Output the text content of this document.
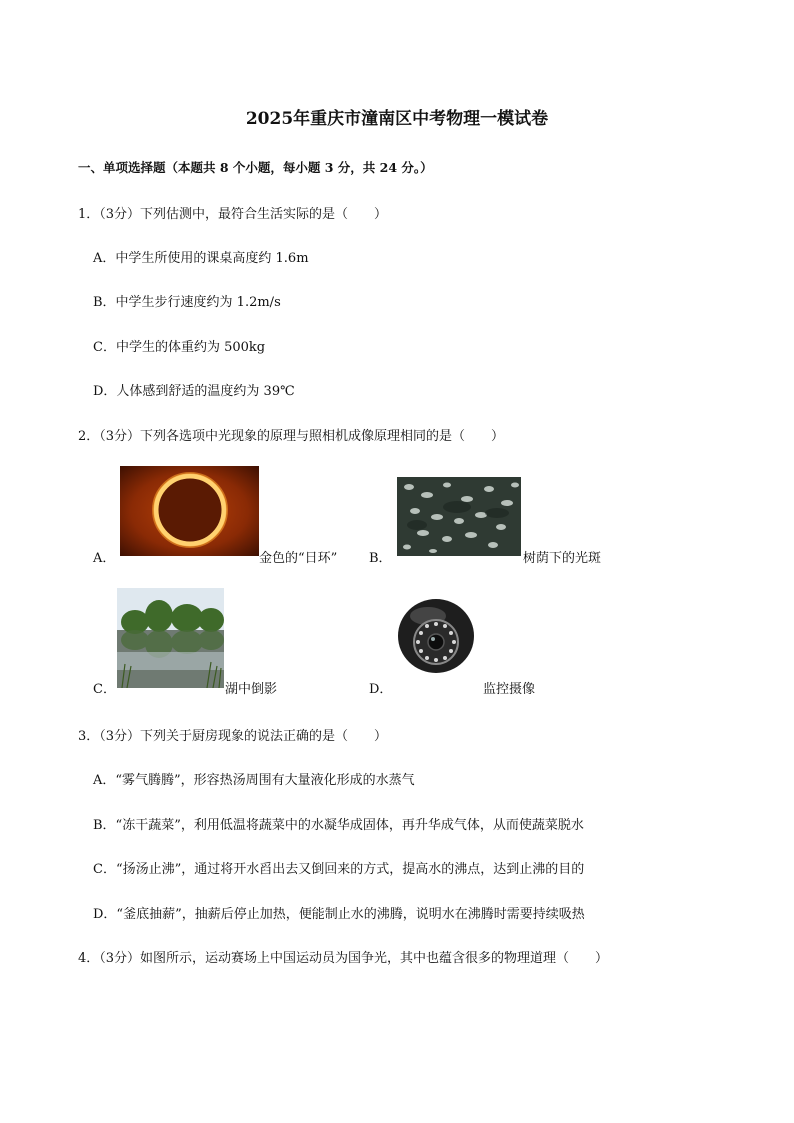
2025年重庆市潼南区中考物理一模试卷
一、单项选择题（本题共 8 个小题，每小题 3 分，共 24 分。）
1．（3分）下列估测中，最符合生活实际的是（　　）
A．中学生所使用的课桌高度约 1.6m
B．中学生步行速度约为 1.2m/s
C．中学生的体重约为 500kg
D．人体感到舒适的温度约为 39℃
2．（3分）下列各选项中光现象的原理与照相机成像原理相同的是（　　）
A．	金色的“日环” B．	树荫下的光斑
C．	湖中倒影	D．	监控摄像
3．（3分）下列关于厨房现象的说法正确的是（　　）
A．“雾气腾腾”，形容热汤周围有大量液化形成的水蒸气
B．“冻干蔬菜”，利用低温将蔬菜中的水凝华成固体，再升华成气体，从而使蔬菜脱水
C．“扬汤止沸”，通过将开水舀出去又倒回来的方式，提高水的沸点，达到止沸的目的
D．“釜底抽薪”，抽薪后停止加热，便能制止水的沸腾，说明水在沸腾时需要持续吸热
4．（3分）如图所示，运动赛场上中国运动员为国争光，其中也蕴含很多的物理道理（　　）
